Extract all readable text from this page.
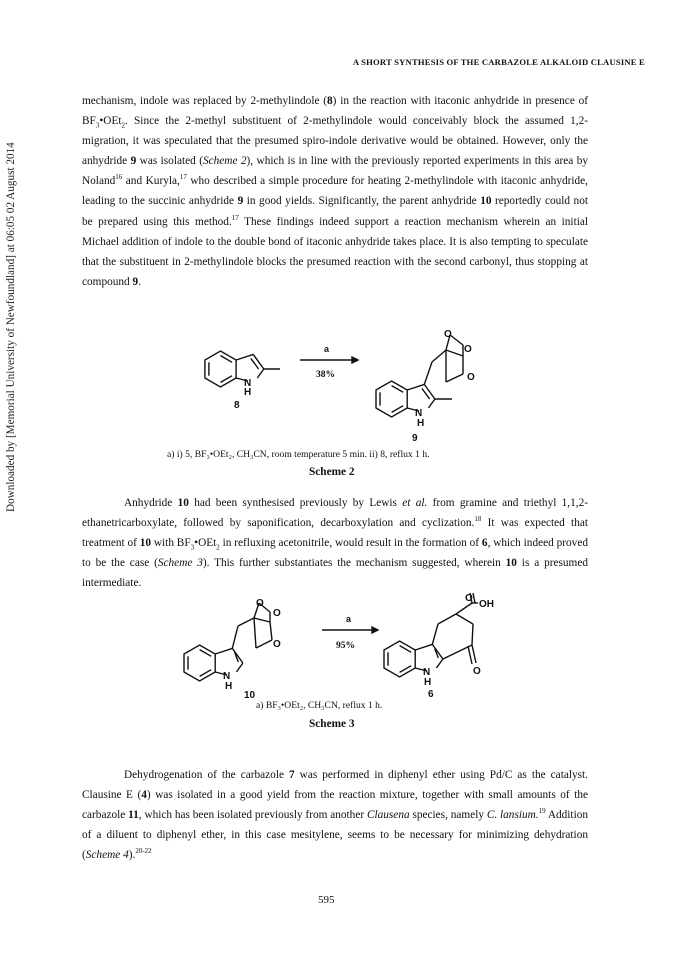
Downloaded by [Memorial University of Newfoundland] at 06:05 02 August 2014
A SHORT SYNTHESIS OF THE CARBAZOLE ALKALOID CLAUSINE E

mechanism, indole was replaced by 2-methylindole (8) in the reaction with itaconic anhydride in presence of $BF_3•OEt_2$. Since the 2-methyl substituent of 2-methylindole would conceivably block the assumed 1,2-migration, it was speculated that the presumed spiro-indole derivative would be obtained. However, only the anhydride 9 was isolated (Scheme 2), which is in line with the previously reported experiments in this area by Noland$^{16}$ and Kuryla,$^{17}$ who described a simple procedure for heating 2-methylindole with itaconic anhydride, leading to the succinic anhydride 9 in good yields. Significantly, the parent anhydride 10 reportedly could not be prepared using this method.$^{17}$ These findings indeed support a reaction mechanism wherein an initial Michael addition of indole to the double bond of itaconic anhydride takes place. It is also tempting to speculate that the substituent in 2-methylindole blocks the presumed reaction with the second carbonyl, thus stopping at compound 9.

N
H
8
a
38%
N
H
9
O
O
O
a) i) 5, BF₃•OEt₂, CH₃CN, room temperature 5 min. ii) 8, reflux 1 h.
Scheme 2

Anhydride 10 had been synthesised previously by Lewis et al. from gramine and triethyl 1,1,2-ethanetricarboxylate, followed by saponification, decarboxylation and cyclization.$^{18}$ It was expected that treatment of 10 with $BF_3•OEt_2$ in refluxing acetonitrile, would result in the formation of 6, which indeed proved to be the case (Scheme 3). This further substantiates the mechanism suggested, wherein 10 is a presumed intermediate.

O
O
O
N
H
10
a
95%
O
OH
N
H
O
6
a) BF₃•OEt₂, CH₃CN, reflux 1 h.
Scheme 3

Dehydrogenation of the carbazole 7 was performed in diphenyl ether using Pd/C as the catalyst. Clausine E (4) was isolated in a good yield from the reaction mixture, together with small amounts of the carbazole 11, which has been isolated previously from another Clausena species, namely C. lansium.$^{19}$ Addition of a diluent to diphenyl ether, in this case mesitylene, seems to be necessary for minimizing dehydration (Scheme 4).$^{20-22}$

595
